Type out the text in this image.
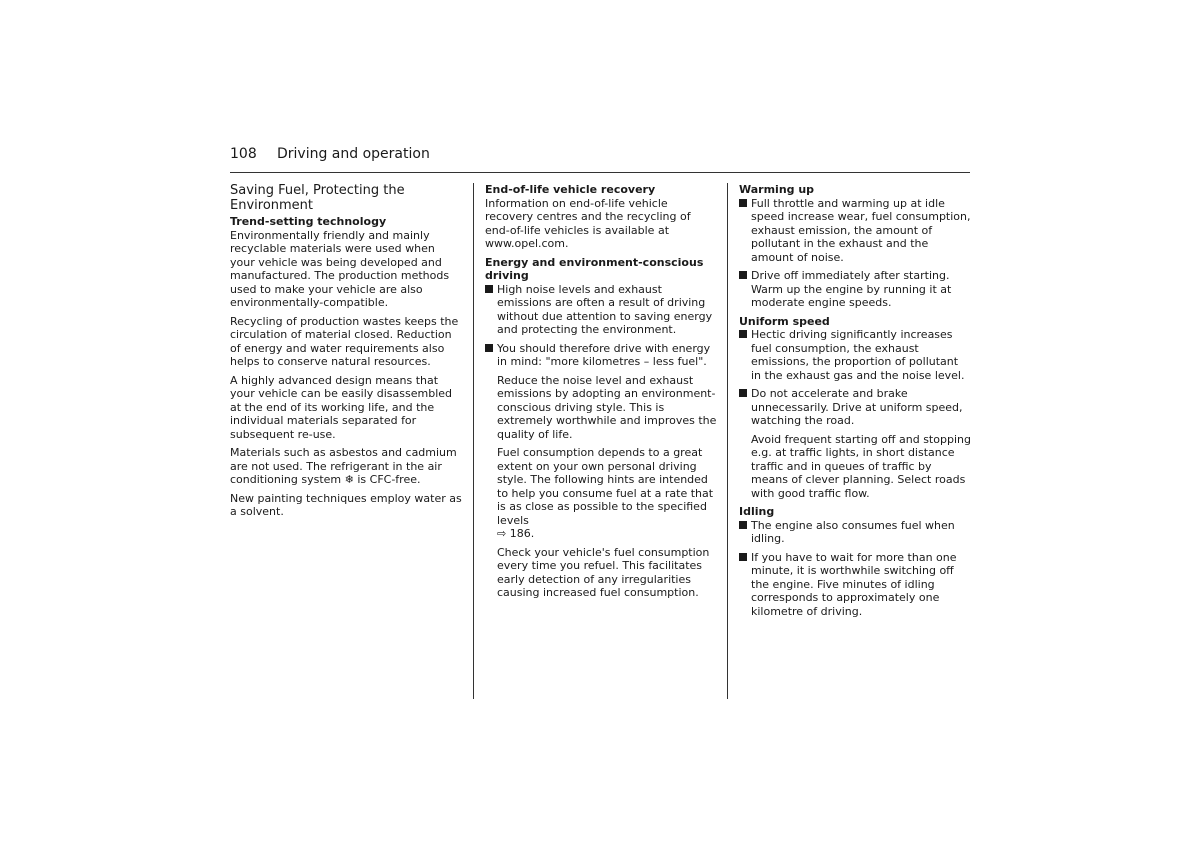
108 Driving and operation
Saving Fuel, Protecting the Environment

Trend-setting technology

Environmentally friendly and mainly recyclable materials were used when your vehicle was being developed and manufactured. The production methods used to make your vehicle are also environmentally-compatible.

Recycling of production wastes keeps the circulation of material closed. Reduction of energy and water requirements also helps to conserve natural resources.

A highly advanced design means that your vehicle can be easily disassembled at the end of its working life, and the individual materials separated for subsequent re-use.

Materials such as asbestos and cadmium are not used. The refrigerant in the air conditioning system ❄ is CFC-free.

New painting techniques employ water as a solvent.

End-of-life vehicle recovery

Information on end-of-life vehicle recovery centres and the recycling of end-of-life vehicles is available at www.opel.com.

Energy and environment-conscious driving

High noise levels and exhaust emissions are often a result of driving without due attention to saving energy and protecting the environment.
You should therefore drive with energy in mind: "more kilometres – less fuel".
Reduce the noise level and exhaust emissions by adopting an environment-conscious driving style. This is extremely worthwhile and improves the quality of life.
Fuel consumption depends to a great extent on your own personal driving style. The following hints are intended to help you consume fuel at a rate that is as close as possible to the specified levels
⇨ 186.
Check your vehicle's fuel consumption every time you refuel. This facilitates early detection of any irregularities causing increased fuel consumption.

Warming up

Full throttle and warming up at idle speed increase wear, fuel consumption, exhaust emission, the amount of pollutant in the exhaust and the amount of noise.
Drive off immediately after starting. Warm up the engine by running it at moderate engine speeds.

Uniform speed

Hectic driving significantly increases fuel consumption, the exhaust emissions, the proportion of pollutant in the exhaust gas and the noise level.
Do not accelerate and brake unnecessarily. Drive at uniform speed, watching the road.
Avoid frequent starting off and stopping e.g. at traffic lights, in short distance traffic and in queues of traffic by means of clever planning. Select roads with good traffic flow.

Idling

The engine also consumes fuel when idling.
If you have to wait for more than one minute, it is worthwhile switching off the engine. Five minutes of idling corresponds to approximately one kilometre of driving.
